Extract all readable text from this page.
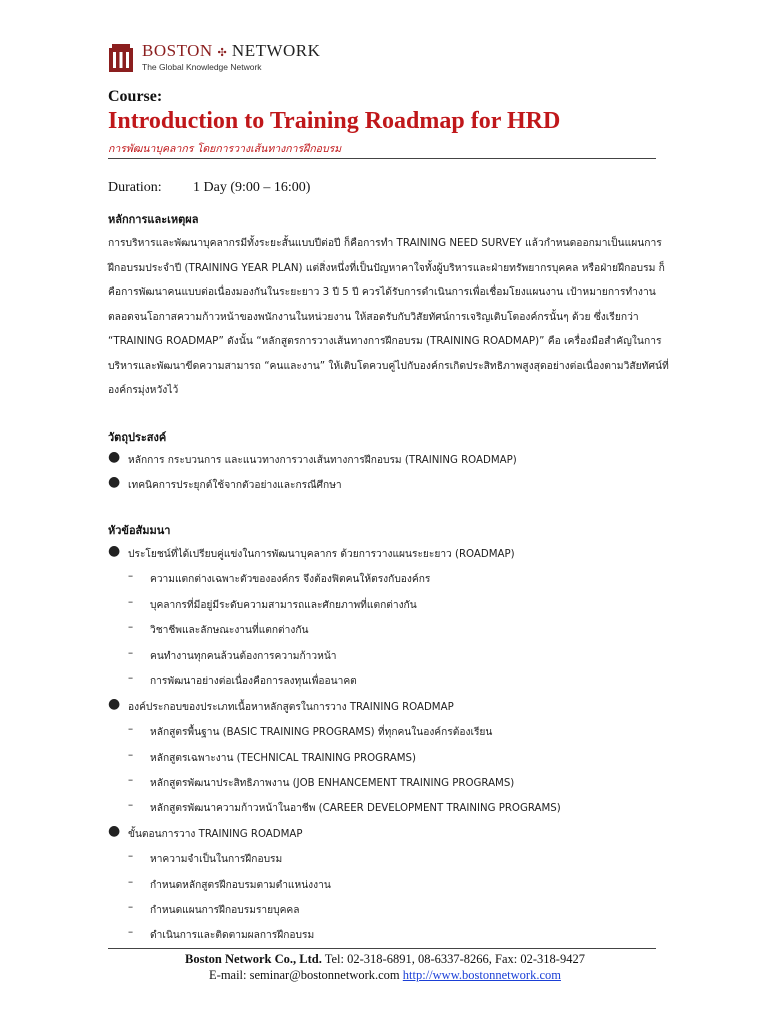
BOSTON ✣ NETWORK
The Global Knowledge Network
Course:
Introduction to Training Roadmap for HRD
การพัฒนาบุคลากร โดยการวางเส้นทางการฝึกอบรม
Duration: 1 Day (9:00 – 16:00)
หลักการและเหตุผล
การบริหารและพัฒนาบุคลากรมีทั้งระยะสั้นแบบปีต่อปี ก็คือการทำ TRAINING NEED SURVEY แล้วกำหนดออกมาเป็นแผนการ
ฝึกอบรมประจำปี (TRAINING YEAR PLAN) แต่สิ่งหนึ่งที่เป็นปัญหาคาใจทั้งผู้บริหารและฝ่ายทรัพยากรบุคคล หรือฝ่ายฝึกอบรม ก็
คือการพัฒนาคนแบบต่อเนื่องมองกันในระยะยาว 3 ปี 5 ปี ควรได้รับการดำเนินการเพื่อเชื่อมโยงแผนงาน เป้าหมายการทำงาน
ตลอดจนโอกาสความก้าวหน้าของพนักงานในหน่วยงาน ให้สอดรับกับวิสัยทัศน์การเจริญเติบโตองค์กรนั้นๆ ด้วย ซึ่งเรียกว่า
“TRAINING ROADMAP” ดังนั้น “หลักสูตรการวางเส้นทางการฝึกอบรม (TRAINING ROADMAP)” คือ เครื่องมือสำคัญในการ
บริหารและพัฒนาขีดความสามารถ “คนและงาน” ให้เติบโตควบคู่ไปกับองค์กรเกิดประสิทธิภาพสูงสุดอย่างต่อเนื่องตามวิสัยทัศน์ที่
องค์กรมุ่งหวังไว้
วัตถุประสงค์
● หลักการ กระบวนการ และแนวทางการวางเส้นทางการฝึกอบรม (TRAINING ROADMAP)
● เทคนิคการประยุกต์ใช้จากตัวอย่างและกรณีศึกษา
หัวข้อสัมมนา
● ประโยชน์ที่ได้เปรียบคู่แข่งในการพัฒนาบุคลากร ด้วยการวางแผนระยะยาว (ROADMAP)
– ความแตกต่างเฉพาะตัวขององค์กร จึงต้องฟิตคนให้ตรงกับองค์กร
– บุคลากรที่มีอยู่มีระดับความสามารถและศักยภาพที่แตกต่างกัน
– วิชาชีพและลักษณะงานที่แตกต่างกัน
– คนทำงานทุกคนล้วนต้องการความก้าวหน้า
– การพัฒนาอย่างต่อเนื่องคือการลงทุนเพื่ออนาคต
● องค์ประกอบของประเภทเนื้อหาหลักสูตรในการวาง TRAINING ROADMAP
– หลักสูตรพื้นฐาน (BASIC TRAINING PROGRAMS) ที่ทุกคนในองค์กรต้องเรียน
– หลักสูตรเฉพาะงาน (TECHNICAL TRAINING PROGRAMS)
– หลักสูตรพัฒนาประสิทธิภาพงาน (JOB ENHANCEMENT TRAINING PROGRAMS)
– หลักสูตรพัฒนาความก้าวหน้าในอาชีพ (CAREER DEVELOPMENT TRAINING PROGRAMS)
● ขั้นตอนการวาง TRAINING ROADMAP
– หาความจำเป็นในการฝึกอบรม
– กำหนดหลักสูตรฝึกอบรมตามตำแหน่งงาน
– กำหนดแผนการฝึกอบรมรายบุคคล
– ดำเนินการและติดตามผลการฝึกอบรม
Boston Network Co., Ltd. Tel: 02-318-6891, 08-6337-8266, Fax: 02-318-9427
E-mail: seminar@bostonnetwork.com http://www.bostonnetwork.com
